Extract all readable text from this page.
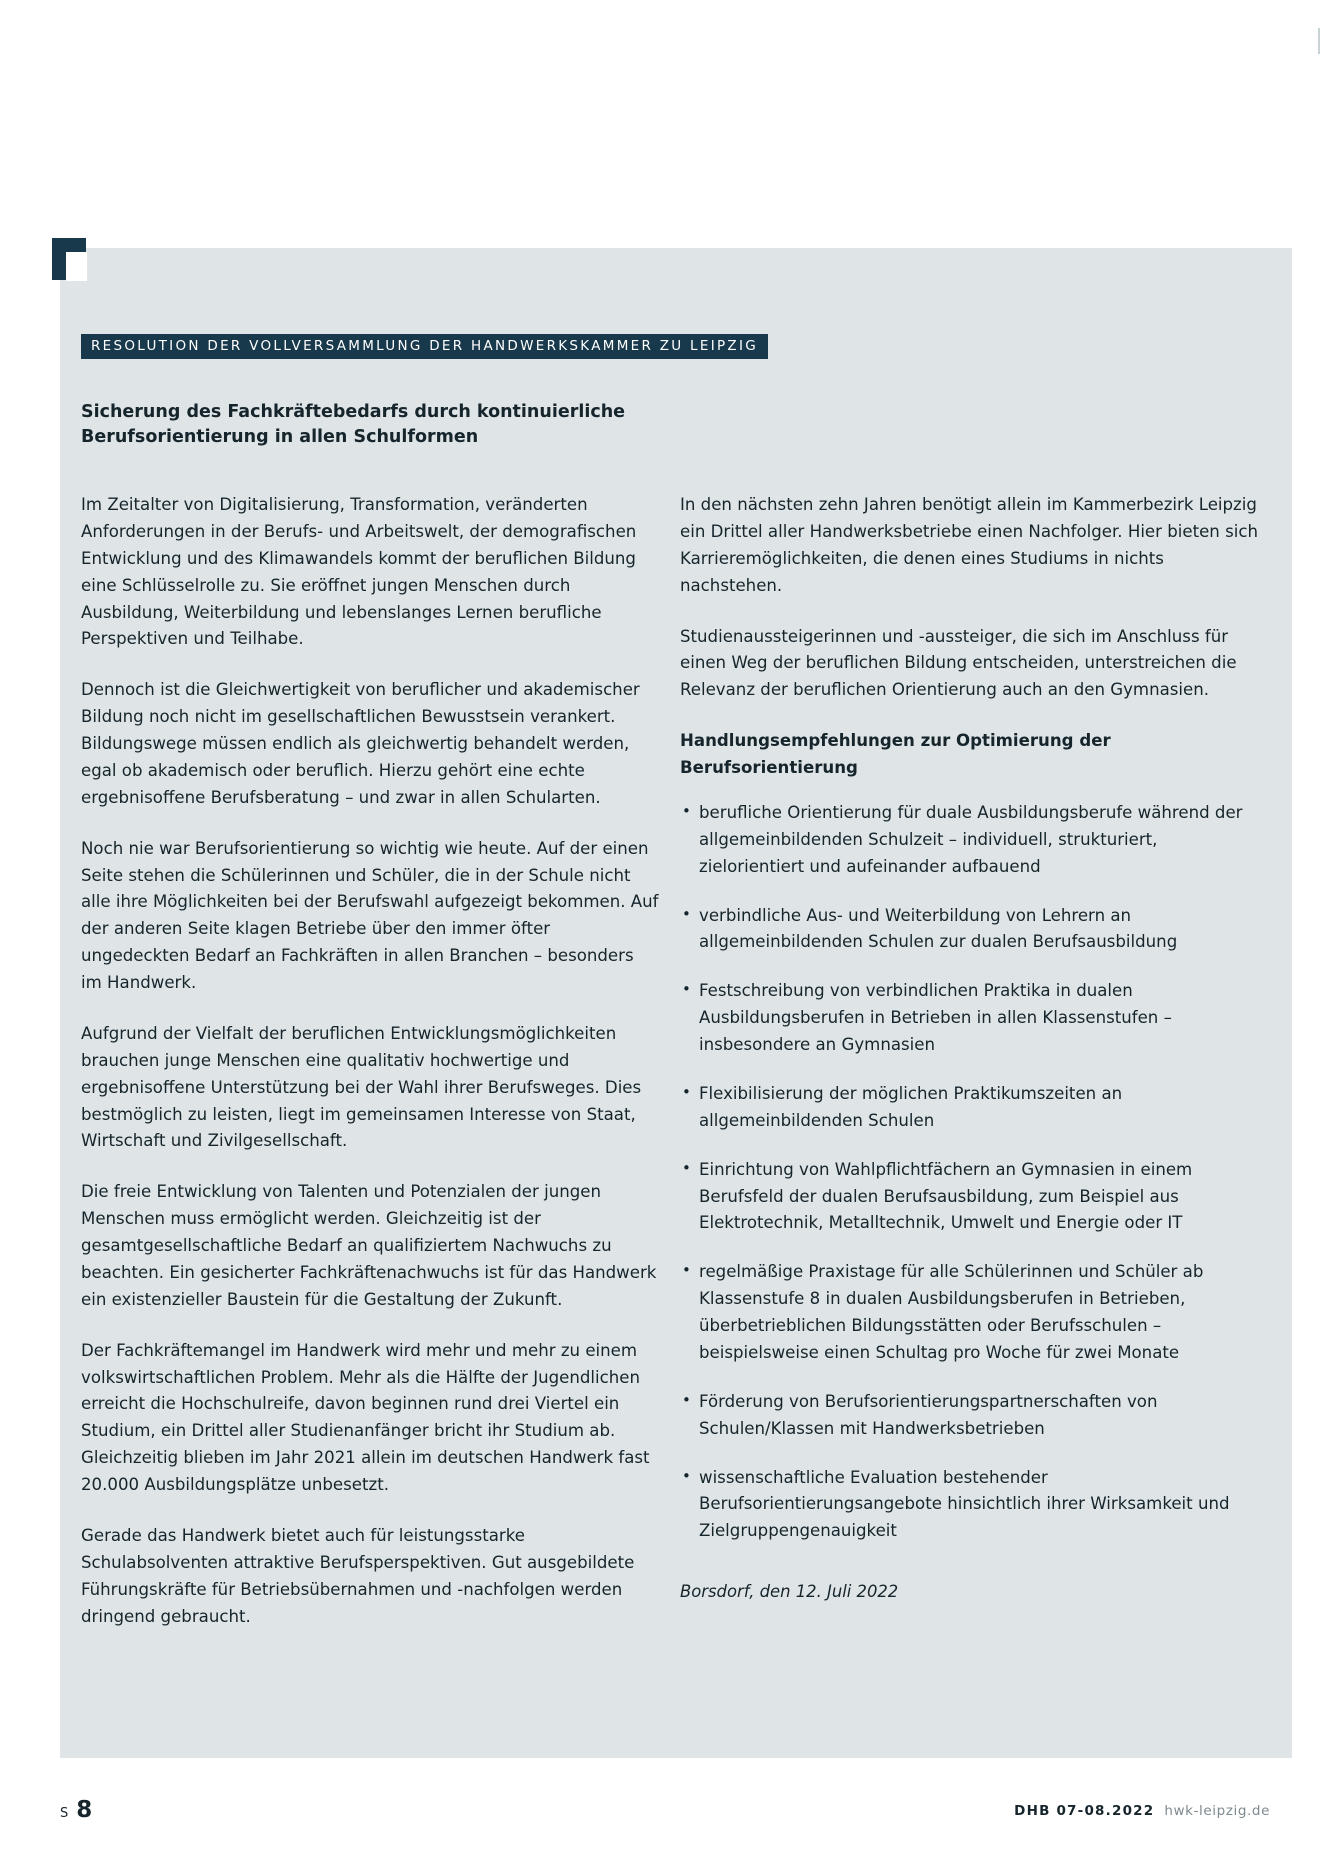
RESOLUTION DER VOLLVERSAMMLUNG DER HANDWERKSKAMMER ZU LEIPZIG
Sicherung des Fachkräftebedarfs durch kontinuierliche Berufsorientierung in allen Schulformen

Im Zeitalter von Digitalisierung, Transformation, veränderten Anforderungen in der Berufs- und Arbeitswelt, der demografischen Entwicklung und des Klimawandels kommt der beruflichen Bildung eine Schlüsselrolle zu. Sie eröffnet jungen Menschen durch Ausbildung, Weiterbildung und lebenslanges Lernen berufliche Perspektiven und Teilhabe.

Dennoch ist die Gleichwertigkeit von beruflicher und akademischer Bildung noch nicht im gesellschaftlichen Bewusstsein verankert. Bildungswege müssen endlich als gleichwertig behandelt werden, egal ob akademisch oder beruflich. Hierzu gehört eine echte ergebnisoffene Berufsberatung – und zwar in allen Schularten.

Noch nie war Berufsorientierung so wichtig wie heute. Auf der einen Seite stehen die Schülerinnen und Schüler, die in der Schule nicht alle ihre Möglichkeiten bei der Berufswahl aufgezeigt bekommen. Auf der anderen Seite klagen Betriebe über den immer öfter ungedeckten Bedarf an Fachkräften in allen Branchen – besonders im Handwerk.

Aufgrund der Vielfalt der beruflichen Entwicklungsmöglichkeiten brauchen junge Menschen eine qualitativ hochwertige und ergebnisoffene Unterstützung bei der Wahl ihrer Berufsweges. Dies bestmöglich zu leisten, liegt im gemeinsamen Interesse von Staat, Wirtschaft und Zivilgesellschaft.

Die freie Entwicklung von Talenten und Potenzialen der jungen Menschen muss ermöglicht werden. Gleichzeitig ist der gesamtgesellschaftliche Bedarf an qualifiziertem Nachwuchs zu beachten. Ein gesicherter Fachkräftenachwuchs ist für das Handwerk ein existenzieller Baustein für die Gestaltung der Zukunft.

Der Fachkräftemangel im Handwerk wird mehr und mehr zu einem volkswirtschaftlichen Problem. Mehr als die Hälfte der Jugendlichen erreicht die Hochschulreife, davon beginnen rund drei Viertel ein Studium, ein Drittel aller Studienanfänger bricht ihr Studium ab. Gleichzeitig blieben im Jahr 2021 allein im deutschen Handwerk fast 20.000 Ausbildungsplätze unbesetzt.

Gerade das Handwerk bietet auch für leistungsstarke Schulabsolventen attraktive Berufsperspektiven. Gut ausgebildete Führungskräfte für Betriebsübernahmen und -nachfolgen werden dringend gebraucht.

In den nächsten zehn Jahren benötigt allein im Kammerbezirk Leipzig ein Drittel aller Handwerksbetriebe einen Nachfolger. Hier bieten sich Karrieremöglichkeiten, die denen eines Studiums in nichts nachstehen.

Studienaussteigerinnen und -aussteiger, die sich im Anschluss für einen Weg der beruflichen Bildung entscheiden, unterstreichen die Relevanz der beruflichen Orientierung auch an den Gymnasien.

Handlungsempfehlungen zur Optimierung der Berufsorientierung
• berufliche Orientierung für duale Ausbildungsberufe während der allgemeinbildenden Schulzeit – individuell, strukturiert, zielorientiert und aufeinander aufbauend
• verbindliche Aus- und Weiterbildung von Lehrern an allgemeinbildenden Schulen zur dualen Berufsausbildung
• Festschreibung von verbindlichen Praktika in dualen Ausbildungsberufen in Betrieben in allen Klassenstufen – insbesondere an Gymnasien
• Flexibilisierung der möglichen Praktikumszeiten an allgemeinbildenden Schulen
• Einrichtung von Wahlpflichtfächern an Gymnasien in einem Berufsfeld der dualen Berufsausbildung, zum Beispiel aus Elektrotechnik, Metalltechnik, Umwelt und Energie oder IT
• regelmäßige Praxistage für alle Schülerinnen und Schüler ab Klassenstufe 8 in dualen Ausbildungsberufen in Betrieben, überbetrieblichen Bildungsstätten oder Berufsschulen – beispielsweise einen Schultag pro Woche für zwei Monate
• Förderung von Berufsorientierungspartnerschaften von Schulen/Klassen mit Handwerksbetrieben
• wissenschaftliche Evaluation bestehender Berufsorientierungsangebote hinsichtlich ihrer Wirksamkeit und Zielgruppengenauigkeit
Borsdorf, den 12. Juli 2022
S 8	DHB 07-08.2022 hwk-leipzig.de
